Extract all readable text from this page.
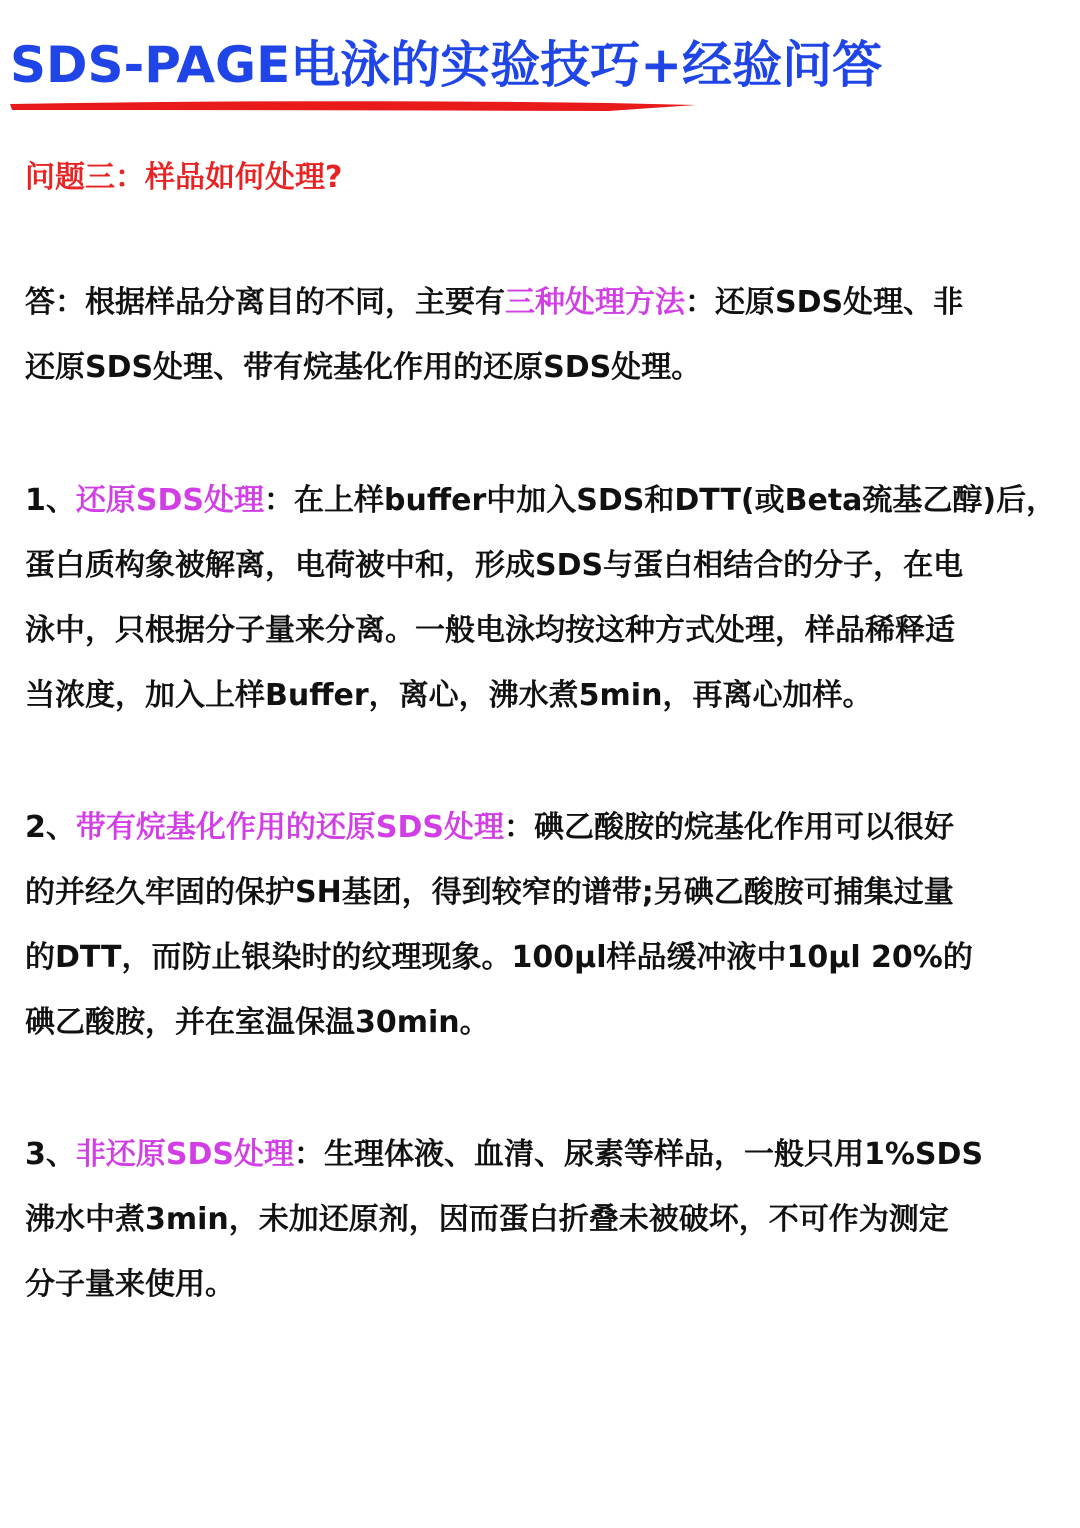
SDS-PAGE电泳的实验技巧+经验问答
问题三：样品如何处理?
答：根据样品分离目的不同，主要有三种处理方法：还原SDS处理、非
还原SDS处理、带有烷基化作用的还原SDS处理。
1、还原SDS处理：在上样buffer中加入SDS和DTT(或Beta巯基乙醇)后，
蛋白质构象被解离，电荷被中和，形成SDS与蛋白相结合的分子，在电
泳中，只根据分子量来分离。一般电泳均按这种方式处理，样品稀释适
当浓度，加入上样Buffer，离心，沸水煮5min，再离心加样。
2、带有烷基化作用的还原SDS处理：碘乙酸胺的烷基化作用可以很好
的并经久牢固的保护SH基团，得到较窄的谱带;另碘乙酸胺可捕集过量
的DTT，而防止银染时的纹理现象。100μl样品缓冲液中10μl 20%的
碘乙酸胺，并在室温保温30min。
3、非还原SDS处理：生理体液、血清、尿素等样品，一般只用1%SDS
沸水中煮3min，未加还原剂，因而蛋白折叠未被破坏，不可作为测定
分子量来使用。
